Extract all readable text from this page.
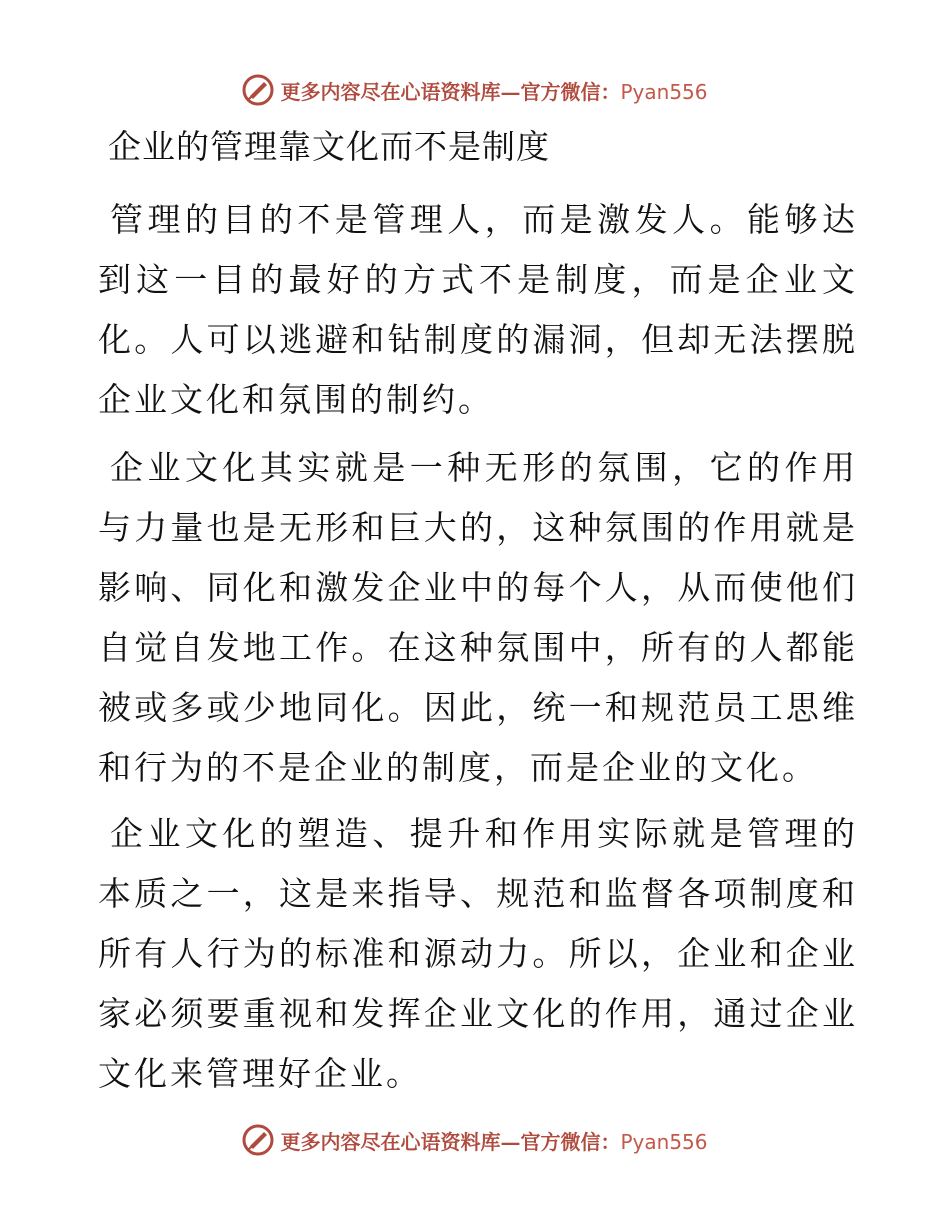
更多内容尽在心语资料库—官方微信：Pyan556
企业的管理靠文化而不是制度
管理的目的不是管理人，而是激发人。能够达到这一目的最好的方式不是制度，而是企业文化。人可以逃避和钻制度的漏洞，但却无法摆脱企业文化和氛围的制约。
企业文化其实就是一种无形的氛围，它的作用与力量也是无形和巨大的，这种氛围的作用就是影响、同化和激发企业中的每个人，从而使他们自觉自发地工作。在这种氛围中，所有的人都能被或多或少地同化。因此，统一和规范员工思维和行为的不是企业的制度，而是企业的文化。
企业文化的塑造、提升和作用实际就是管理的本质之一，这是来指导、规范和监督各项制度和所有人行为的标准和源动力。所以，企业和企业家必须要重视和发挥企业文化的作用，通过企业文化来管理好企业。
更多内容尽在心语资料库—官方微信：Pyan556
